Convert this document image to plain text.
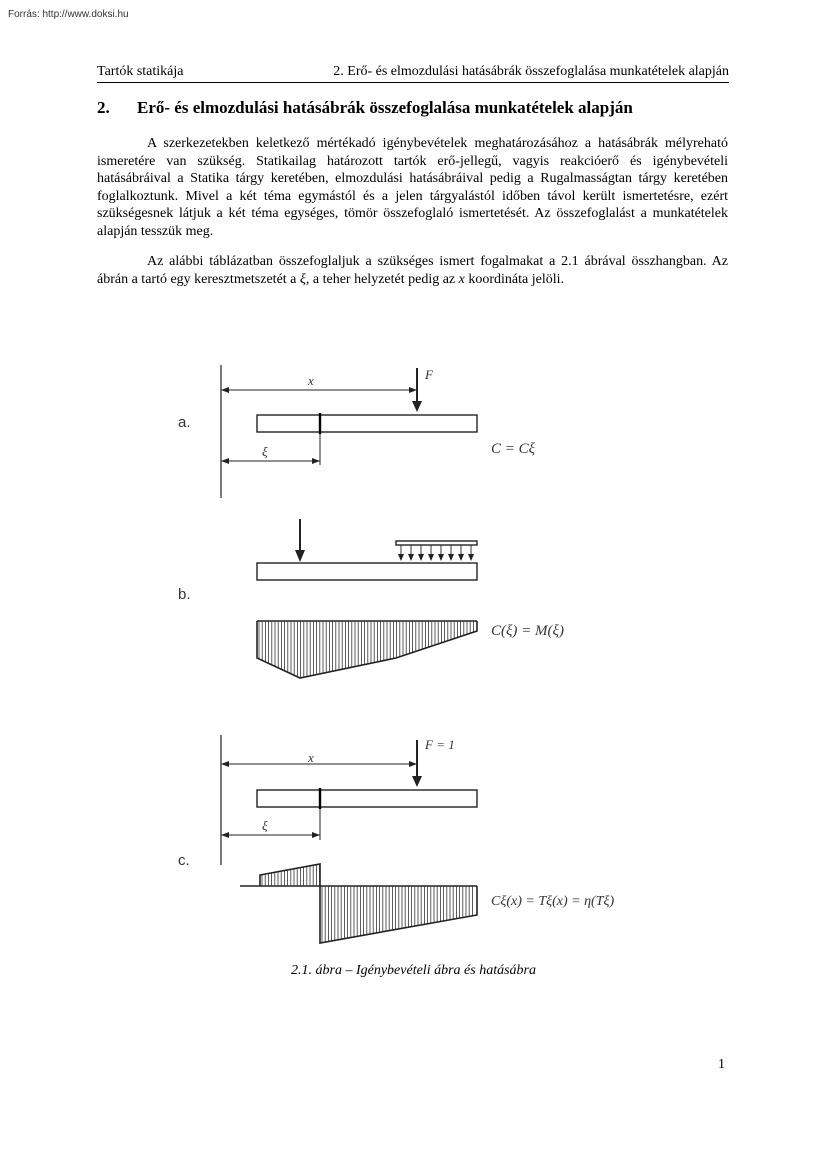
Forrás: http://www.doksi.hu
Tartók statikája	2. Erő- és elmozdulási hatásábrák összefoglalása munkatételek alapján
2. Erő- és elmozdulási hatásábrák összefoglalása munkatételek alapján

A szerkezetekben keletkező mértékadó igénybevételek meghatározásához a hatásábrák mélyreható ismeretére van szükség. Statikailag határozott tartók erő-jellegű, vagyis reakcióerő és igénybevételi hatásábráival a Statika tárgy keretében, elmozdulási hatásábráival pedig a Rugalmasságtan tárgy keretében foglalkoztunk. Mivel a két téma egymástól és a jelen tárgyalástól időben távol került ismertetésre, ezért szükségesnek látjuk a két téma egységes, tömör összefoglaló ismertetését. Az összefoglalást a munkatételek alapján tesszük meg.

Az alábbi táblázatban összefoglaljuk a szükséges ismert fogalmakat a 2.1 ábrával összhangban. Az ábrán a tartó egy keresztmetszetét a ξ, a teher helyzetét pedig az x koordináta jelöli.

a.
x
ξ
F
C = Cξ
b.
C(ξ) = M(ξ)
c.
x
ξ
F = 1
Cξ(x) = Tξ(x) = η(Tξ)
2.1. ábra – Igénybevételi ábra és hatásábra
1
